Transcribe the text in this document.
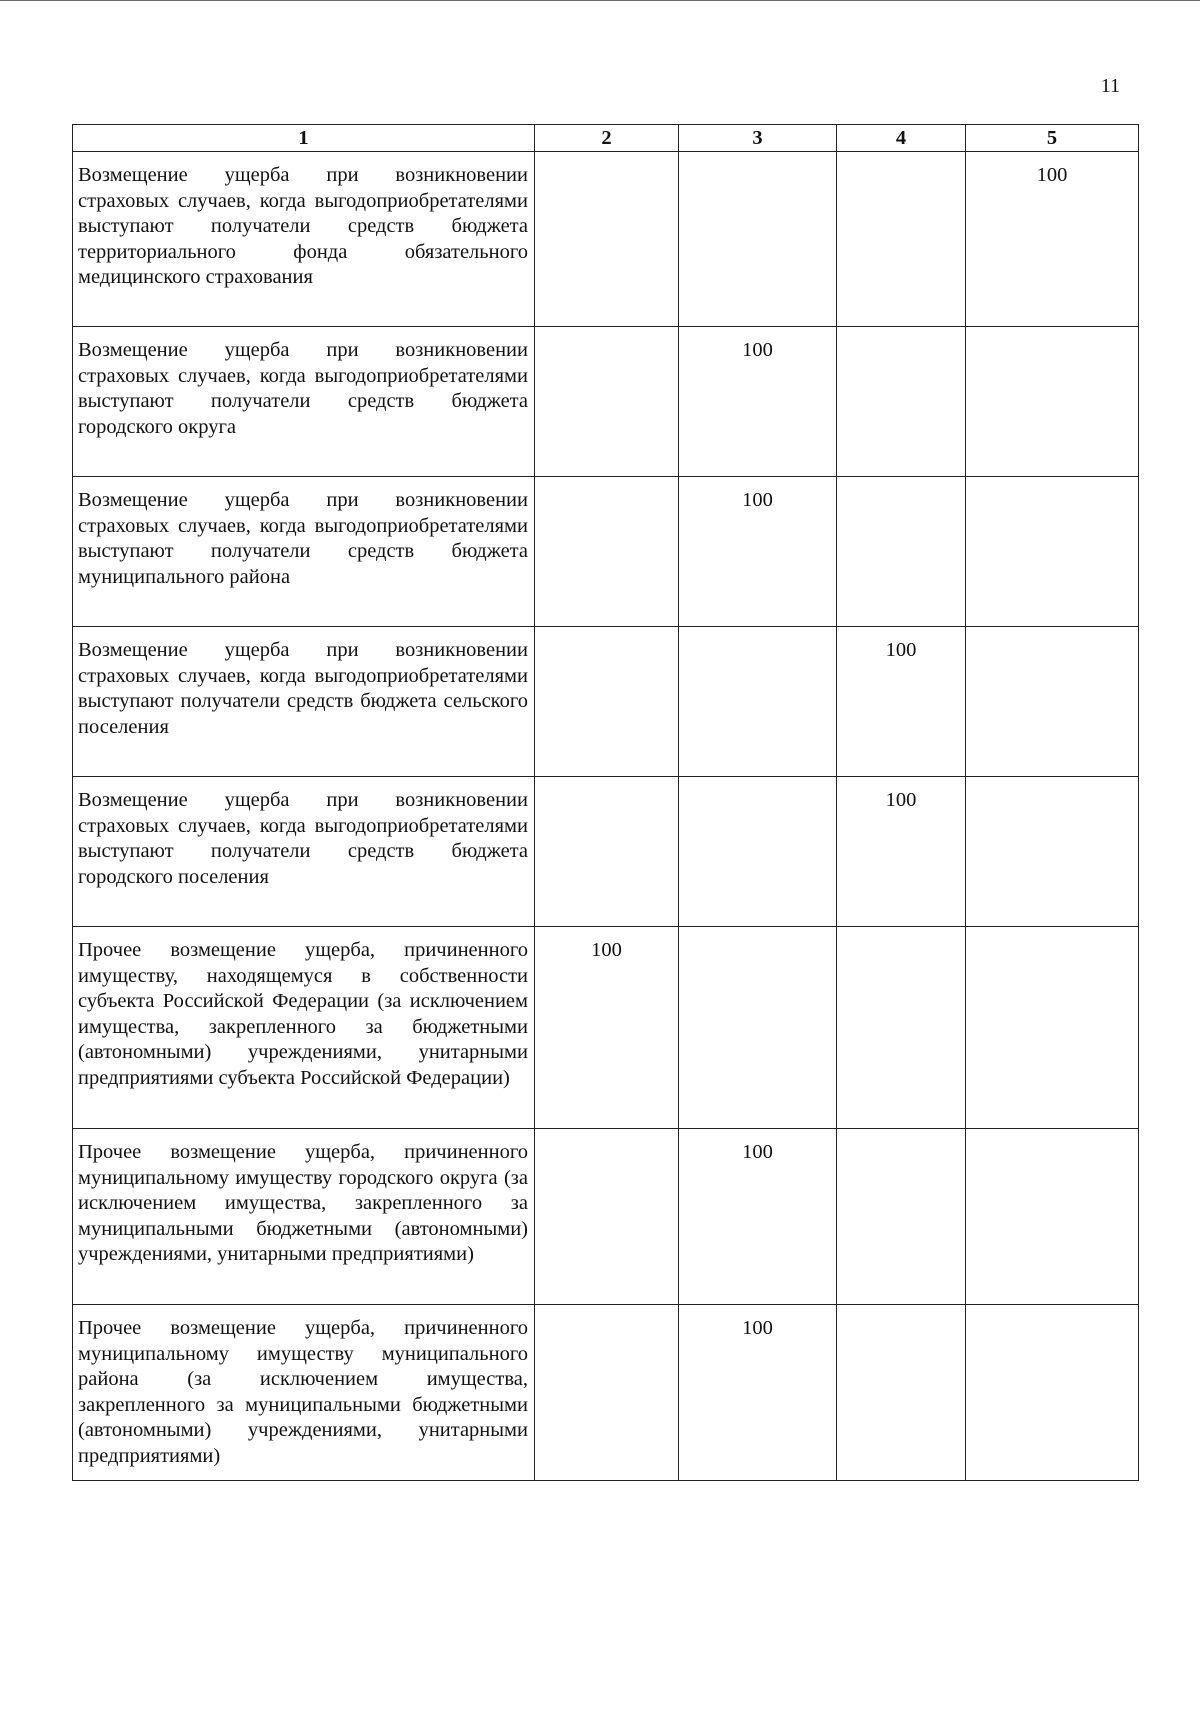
11
1	2	3	4	5
Возмещение ущерба при возникновении страховых случаев, когда выгодоприобретателями выступают получатели средств бюджета территориального фонда обязательного медицинского страхования				100
Возмещение ущерба при возникновении страховых случаев, когда выгодоприобретателями выступают получатели средств бюджета городского округа		100		
Возмещение ущерба при возникновении страховых случаев, когда выгодоприобретателями выступают получатели средств бюджета муниципального района		100		
Возмещение ущерба при возникновении страховых случаев, когда выгодоприобретателями выступают получатели средств бюджета сельского поселения			100	
Возмещение ущерба при возникновении страховых случаев, когда выгодоприобретателями выступают получатели средств бюджета городского поселения			100	
Прочее возмещение ущерба, причиненного имуществу, находящемуся в собственности субъекта Российской Федерации (за исключением имущества, закрепленного за бюджетными (автономными) учреждениями, унитарными предприятиями субъекта Российской Федерации)	100			
Прочее возмещение ущерба, причиненного муниципальному имуществу городского округа (за исключением имущества, закрепленного за муниципальными бюджетными (автономными) учреждениями, унитарными предприятиями)		100		
Прочее возмещение ущерба, причиненного муниципальному имуществу муниципального района (за исключением имущества, закрепленного за муниципальными бюджетными (автономными) учреждениями, унитарными предприятиями)		100		
